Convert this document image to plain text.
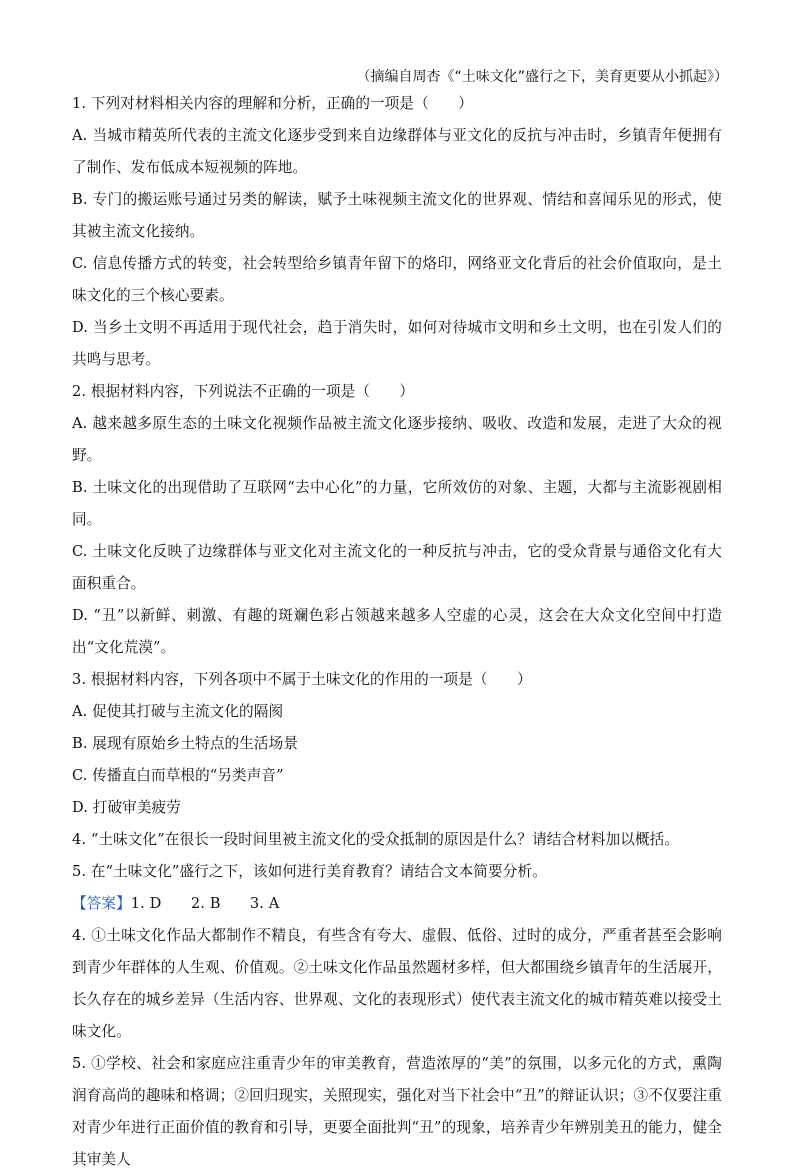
（摘编自周杏《“土味文化”盛行之下，美育更要从小抓起》）

1. 下列对材料相关内容的理解和分析，正确的一项是（　　）

A. 当城市精英所代表的主流文化逐步受到来自边缘群体与亚文化的反抗与冲击时，乡镇青年便拥有了制作、发布低成本短视频的阵地。

B. 专门的搬运账号通过另类的解读，赋予土味视频主流文化的世界观、情结和喜闻乐见的形式，使其被主流文化接纳。

C. 信息传播方式的转变，社会转型给乡镇青年留下的烙印，网络亚文化背后的社会价值取向，是土味文化的三个核心要素。

D. 当乡土文明不再适用于现代社会，趋于消失时，如何对待城市文明和乡土文明，也在引发人们的共鸣与思考。

2. 根据材料内容，下列说法不正确的一项是（　　）

A. 越来越多原生态的土味文化视频作品被主流文化逐步接纳、吸收、改造和发展，走进了大众的视野。

B. 土味文化的出现借助了互联网“去中心化”的力量，它所效仿的对象、主题，大都与主流影视剧相同。

C. 土味文化反映了边缘群体与亚文化对主流文化的一种反抗与冲击，它的受众背景与通俗文化有大面积重合。

D. “丑”以新鲜、刺激、有趣的斑斓色彩占领越来越多人空虚的心灵，这会在大众文化空间中打造出“文化荒漠”。

3. 根据材料内容，下列各项中不属于土味文化的作用的一项是（　　）

A. 促使其打破与主流文化的隔阂

B. 展现有原始乡土特点的生活场景

C. 传播直白而草根的“另类声音”

D. 打破审美疲劳

4. “土味文化”在很长一段时间里被主流文化的受众抵制的原因是什么？请结合材料加以概括。

5. 在“土味文化”盛行之下，该如何进行美育教育？请结合文本简要分析。

【答案】1. D　　2. B　　3. A

4. ①土味文化作品大都制作不精良，有些含有夸大、虚假、低俗、过时的成分，严重者甚至会影响到青少年群体的人生观、价值观。②土味文化作品虽然题材多样，但大都围绕乡镇青年的生活展开，长久存在的城乡差异（生活内容、世界观、文化的表现形式）使代表主流文化的城市精英难以接受土味文化。

5. ①学校、社会和家庭应注重青少年的审美教育，营造浓厚的“美”的氛围，以多元化的方式，熏陶润育高尚的趣味和格调；②回归现实，关照现实，强化对当下社会中“丑”的辩证认识；③不仅要注重对青少年进行正面价值的教育和引导，更要全面批判“丑”的现象，培养青少年辨别美丑的能力，健全其审美人
